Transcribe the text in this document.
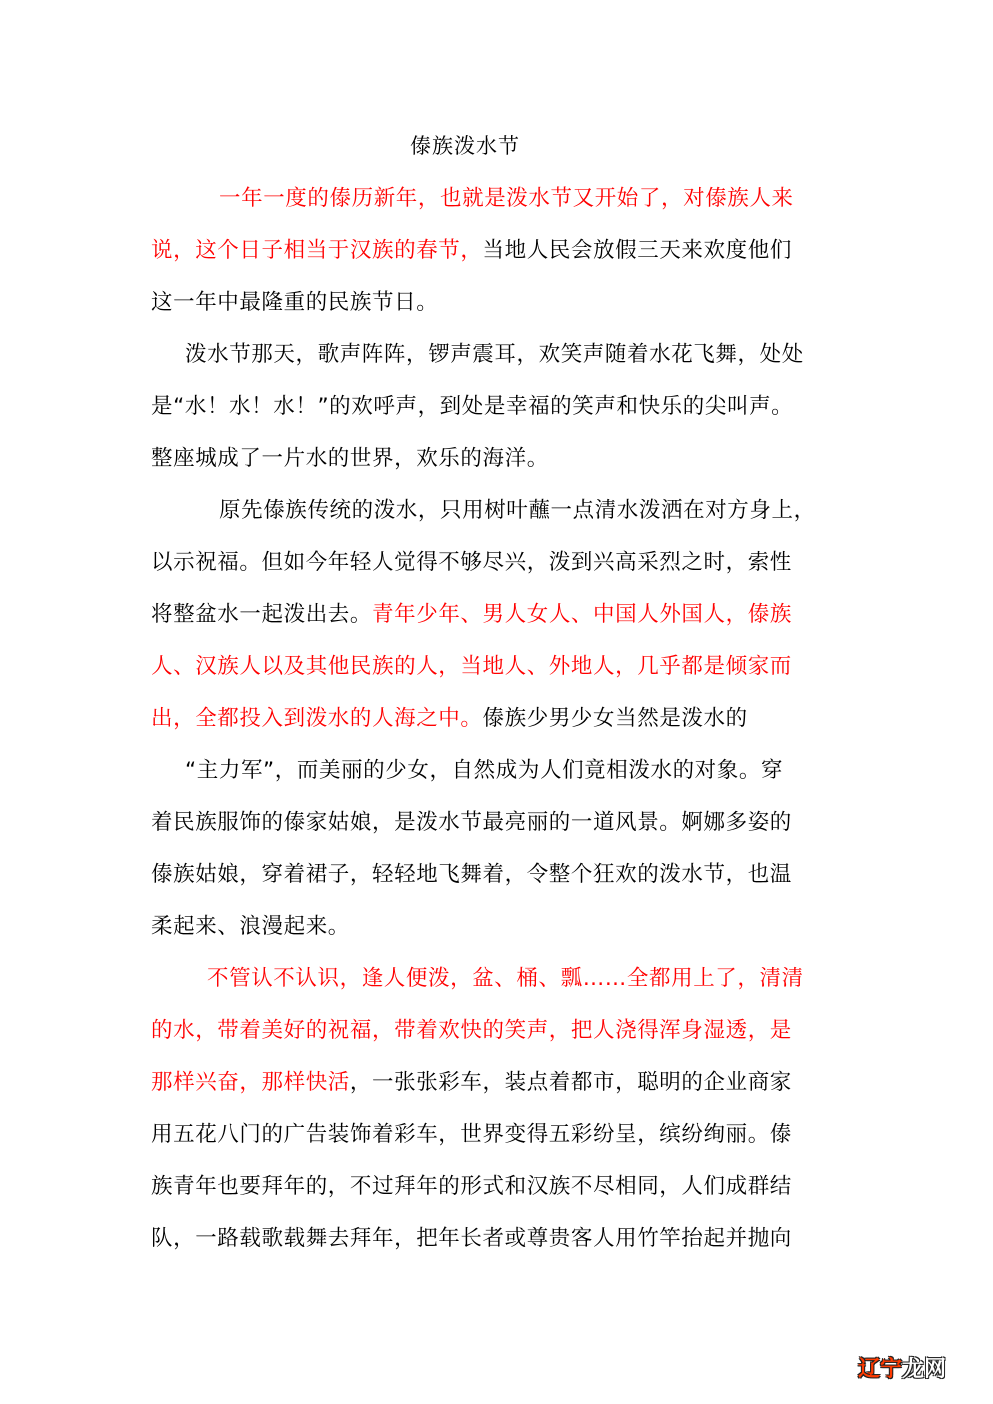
傣族泼水节
一年一度的傣历新年，也就是泼水节又开始了，对傣族人来
说，这个日子相当于汉族的春节，当地人民会放假三天来欢度他们
这一年中最隆重的民族节日。
泼水节那天，歌声阵阵，锣声震耳，欢笑声随着水花飞舞，处处
是“水！水！水！”的欢呼声，到处是幸福的笑声和快乐的尖叫声。
整座城成了一片水的世界，欢乐的海洋。
原先傣族传统的泼水，只用树叶蘸一点清水泼洒在对方身上，
以示祝福。但如今年轻人觉得不够尽兴，泼到兴高采烈之时，索性
将整盆水一起泼出去。青年少年、男人女人、中国人外国人，傣族
人、汉族人以及其他民族的人，当地人、外地人，几乎都是倾家而
出，全都投入到泼水的人海之中。傣族少男少女当然是泼水的
“主力军”，而美丽的少女，自然成为人们竟相泼水的对象。穿
着民族服饰的傣家姑娘，是泼水节最亮丽的一道风景。婀娜多姿的
傣族姑娘，穿着裙子，轻轻地飞舞着，令整个狂欢的泼水节，也温
柔起来、浪漫起来。
不管认不认识，逢人便泼，盆、桶、瓢……全都用上了，清清
的水，带着美好的祝福，带着欢快的笑声，把人浇得浑身湿透，是
那样兴奋，那样快活，一张张彩车，装点着都市，聪明的企业商家
用五花八门的广告装饰着彩车，世界变得五彩纷呈，缤纷绚丽。傣
族青年也要拜年的，不过拜年的形式和汉族不尽相同，人们成群结
队，一路载歌载舞去拜年，把年长者或尊贵客人用竹竿抬起并抛向
辽宁龙网
